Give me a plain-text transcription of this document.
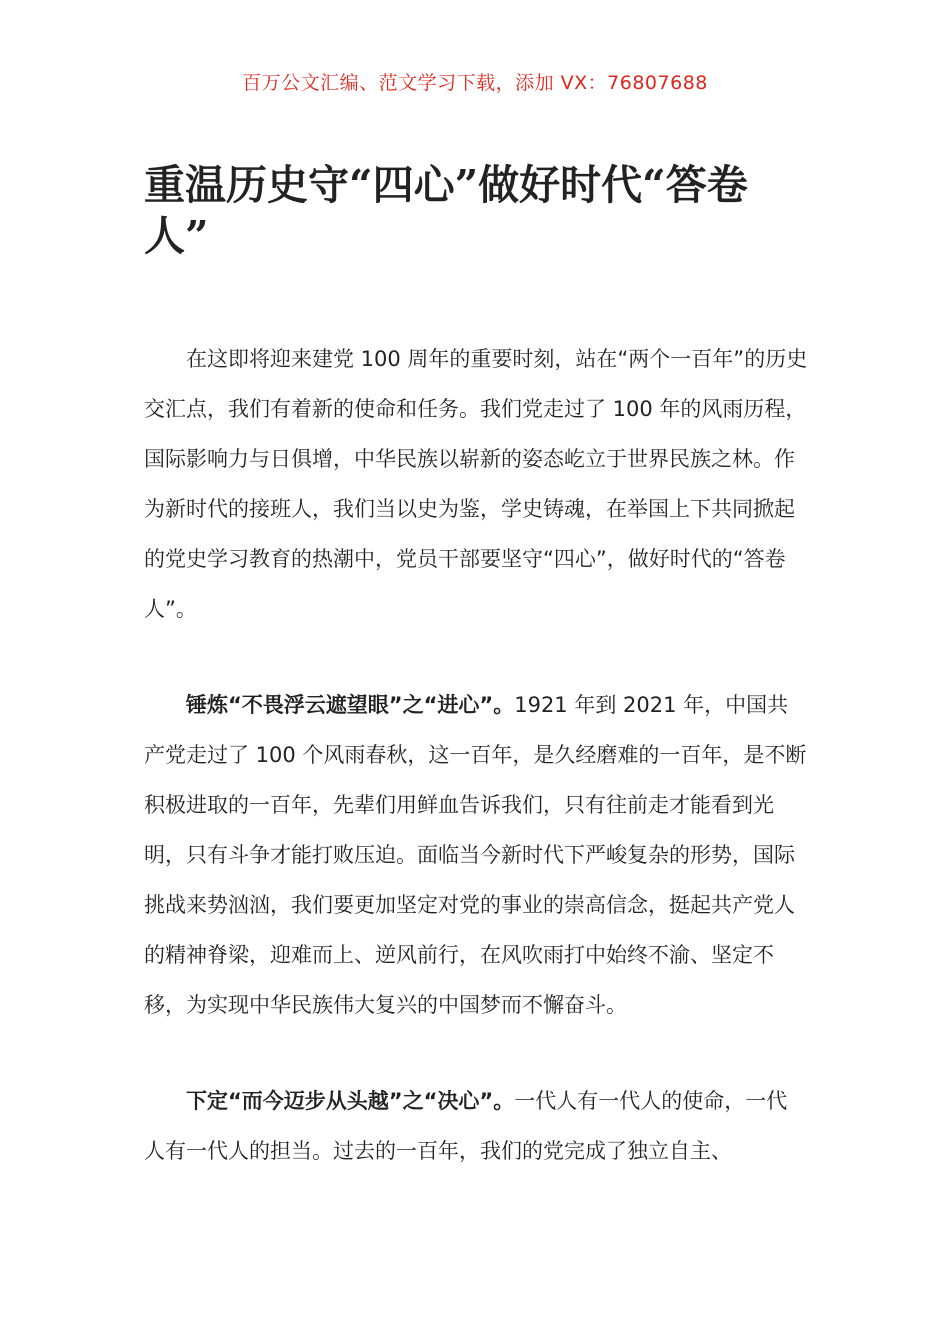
百万公文汇编、范文学习下载，添加 VX：76807688
重温历史守“四心”做好时代“答卷人”

在这即将迎来建党 100 周年的重要时刻，站在“两个一百年”的历史交汇点，我们有着新的使命和任务。我们党走过了 100 年的风雨历程，国际影响力与日俱增，中华民族以崭新的姿态屹立于世界民族之林。作为新时代的接班人，我们当以史为鉴，学史铸魂，在举国上下共同掀起的党史学习教育的热潮中，党员干部要坚守“四心”，做好时代的“答卷人”。

锤炼“不畏浮云遮望眼”之“进心”。1921 年到 2021 年，中国共产党走过了 100 个风雨春秋，这一百年，是久经磨难的一百年，是不断积极进取的一百年，先辈们用鲜血告诉我们，只有往前走才能看到光明，只有斗争才能打败压迫。面临当今新时代下严峻复杂的形势，国际挑战来势汹汹，我们要更加坚定对党的事业的崇高信念，挺起共产党人的精神脊梁，迎难而上、逆风前行，在风吹雨打中始终不渝、坚定不移，为实现中华民族伟大复兴的中国梦而不懈奋斗。

下定“而今迈步从头越”之“决心”。一代人有一代人的使命，一代人有一代人的担当。过去的一百年，我们的党完成了独立自主、
